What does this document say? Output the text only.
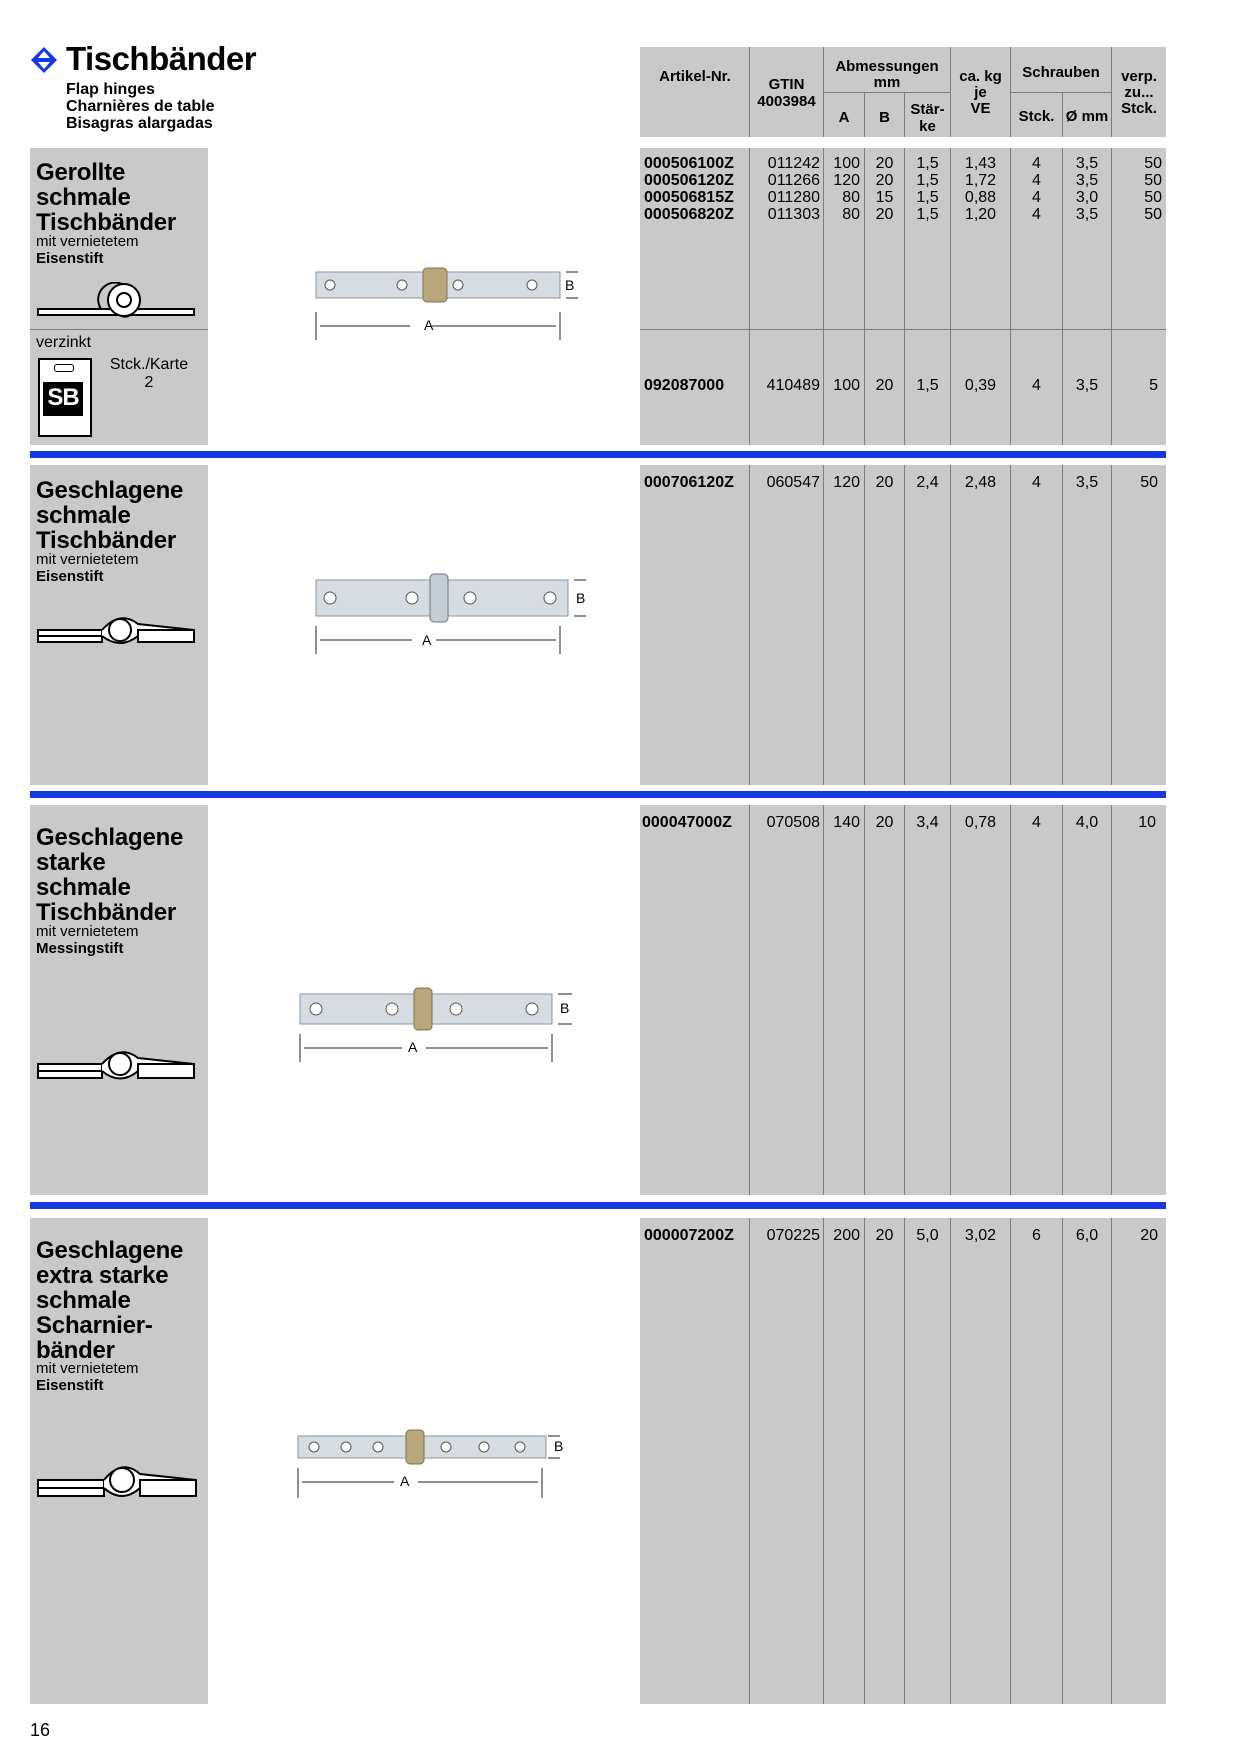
Tischbänder
Flap hinges
Charnières de table
Bisagras alargadas
Artikel-Nr.	GTIN
4003984
Abmessungen
mm
A	B	Stär-
ke
ca. kg
je
VE
Schrauben
Stck. Ø mm
verp.
zu...
Stck.
Gerollte
schmale
Tischbänder
mit vernietetem
Eisenstift
A
B
verzinkt
SB
Stck./Karte
2
000506100Z	011242 100 20	1,5	1,43	4	3,5	50
000506120Z	011266 120 20	1,5	1,72	4	3,5	50
000506815Z	011280	80 15	1,5	0,88	4	3,0	50
000506820Z	011303	80 20	1,5	1,20	4	3,5	50
092087000	410489 100 20	1,5	0,39	4	3,5	5
Geschlagene
schmale
Tischbänder
mit vernietetem
Eisenstift
A
B
000706120Z	060547 120 20	2,4	2,48	4	3,5	50
Geschlagene
starke
schmale
Tischbänder
mit vernietetem
Messingstift
A
B
000047000Z	070508 140 20	3,4	0,78	4	4,0	10
Geschlagene
extra starke
schmale
Scharnier-
bänder
mit vernietetem
Eisenstift
A
B
000007200Z	070225 200 20	5,0	3,02	6	6,0	20
16
